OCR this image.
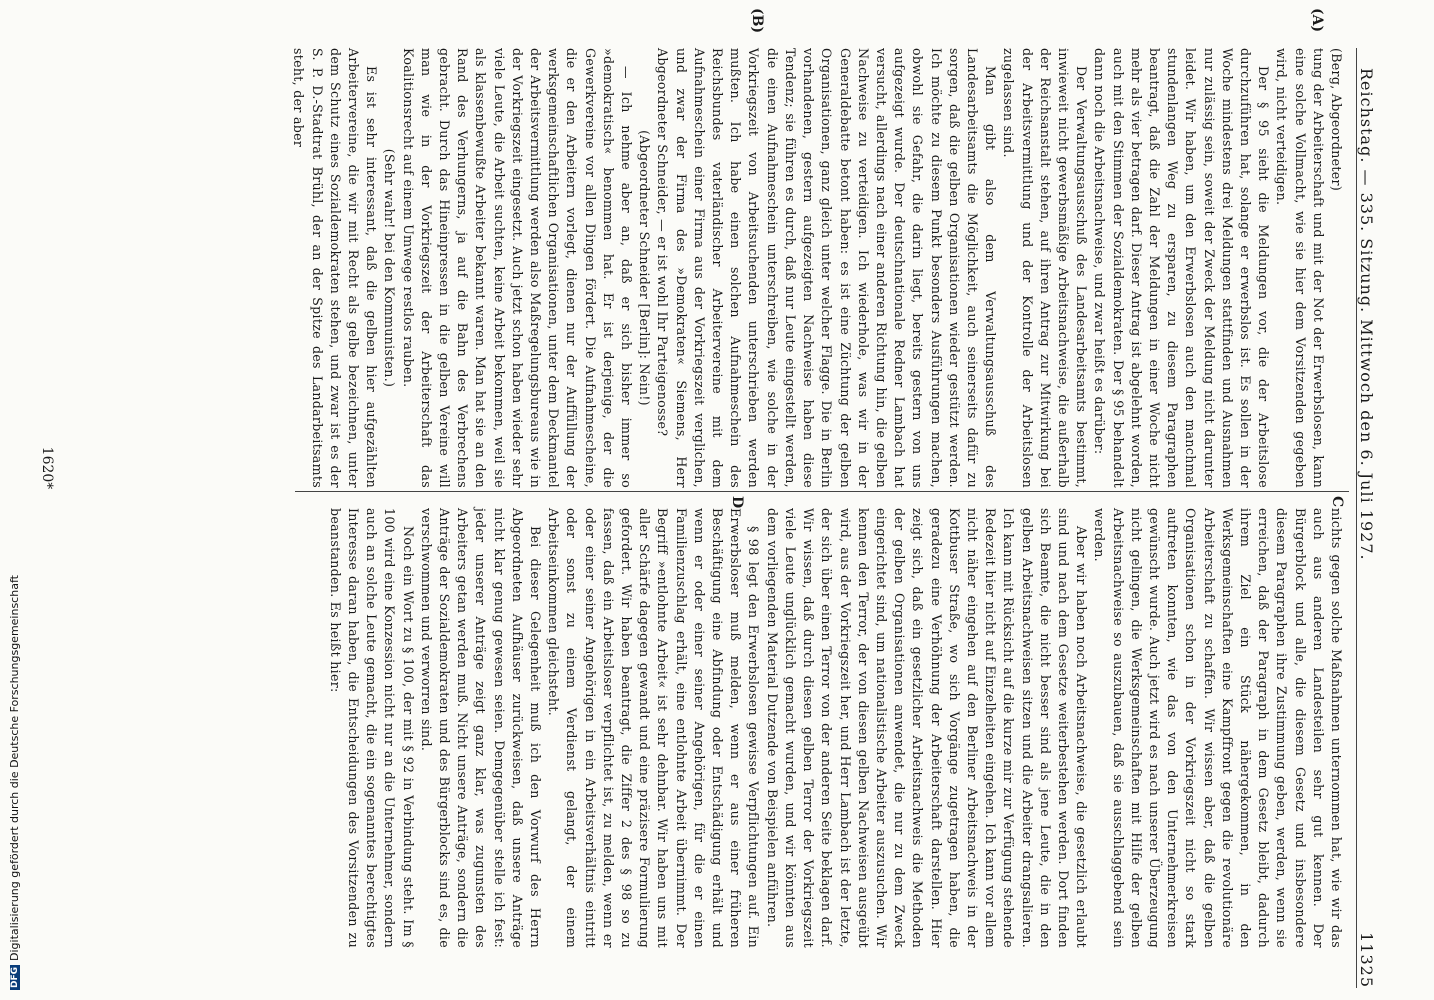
Reichstag. — 335. Sitzung. Mittwoch den 6. Juli 1927.
11325
(A)
(B)
C
D

(Berg, Abgeordneter)

tung der Arbeiterschaft und mit der Not der Erwerbslosen, kann eine solche Vollmacht, wie sie hier dem Vorsitzenden gegeben wird, nicht verteidigen.

Der § 95 sieht die Meldungen vor, die der Arbeitslose durchzuführen hat, solange er erwerbslos ist. Es sollen in der Woche mindestens drei Meldungen stattfinden und Ausnahmen nur zulässig sein, soweit der Zweck der Meldung nicht darunter leidet. Wir haben, um den Erwerbslosen auch den manchmal stundenlangen Weg zu ersparen, zu diesem Paragraphen beantragt, daß die Zahl der Meldungen in einer Woche nicht mehr als vier betragen darf. Dieser Antrag ist abgelehnt worden, auch mit den Stimmen der Sozialdemokraten. Der § 95 behandelt dann noch die Arbeitsnachweise, und zwar heißt es darüber:

Der Verwaltungsausschuß des Landesarbeitsamts bestimmt, inwieweit nicht gewerbsmäßige Arbeitsnachweise, die außerhalb der Reichsanstalt stehen, auf ihren Antrag zur Mitwirkung bei der Arbeitsvermittlung und der Kontrolle der Arbeitslosen zugelassen sind.

Man gibt also dem Verwaltungsausschuß des Landesarbeitsamts die Möglichkeit, auch seinerseits dafür zu sorgen, daß die gelben Organisationen wieder gestützt werden. Ich möchte zu diesem Punkt besonders Ausführungen machen, obwohl sie Gefahr, die darin liegt, bereits gestern von uns aufgezeigt wurde. Der deutschnationale Redner Lambach hat versucht, allerdings nach einer anderen Richtung hin, die gelben Nachweise zu verteidigen. Ich wiederhole, was wir in der Generaldebatte betont haben: es ist eine Züchtung der gelben Organisationen, ganz gleich unter welcher Flagge. Die in Berlin vorhandenen, gestern aufgezeigten Nachweise haben diese Tendenz; sie führen es durch, daß nur Leute eingestellt werden, die einen Aufnahmeschein unterschreiben, wie solche in der Vorkriegszeit von Arbeitsuchenden unterschrieben werden mußten. Ich habe einen solchen Aufnahmeschein des Reichsbundes vaterländischer Arbeitervereine mit dem Aufnahmeschein einer Firma aus der Vorkriegszeit verglichen, und zwar der Firma des »Demokraten« Siemens, Herr Abgeordneter Schneider, — er ist wohl Ihr Parteigenosse?

(Abgeordneter Schneider [Berlin]: Nein!)

— Ich nehme aber an, daß er sich bisher immer so »demokratisch« benommen hat. Er ist derjenige, der die Gewerkvereine vor allen Dingen fördert. Die Aufnahmescheine, die er den Arbeitern vorlegt, dienen nur der Auffüllung der werksgemeinschaftlichen Organisationen, unter dem Deckmantel der Arbeitsvermittlung werden also Maßregelungsbureaus wie in der Vorkriegszeit eingesetzt. Auch jetzt schon haben wieder sehr viele Leute, die Arbeit suchten, keine Arbeit bekommen, weil sie als klassenbewußte Arbeiter bekannt waren. Man hat sie an den Rand des Verhungerns, ja auf die Bahn des Verbrechens gebracht. Durch das Hineinpressen in die gelben Vereine will man wie in der Vorkriegszeit der Arbeiterschaft das Koalitionsrecht auf einem Umwege restlos rauben.

(Sehr wahr! bei den Kommunisten.)

Es ist sehr interessant, daß die gelben hier aufgezählten Arbeitervereine, die wir mit Recht als gelbe bezeichnen, unter dem Schutz eines Sozialdemokraten stehen, und zwar ist es der S. P. D.-Stadtrat Brühl, der an der Spitze des Landarbeitsamts steht, der aber

nichts gegen solche Maßnahmen unternommen hat, wie wir das auch aus anderen Landesteilen sehr gut kennen. Der Bürgerblock und alle, die diesem Gesetz und insbesondere diesem Paragraphen ihre Zustimmung geben, werden, wenn sie erreichen, daß der Paragraph in dem Gesetz bleibt, dadurch ihrem Ziel ein Stück nähergekommen, in den Werksgemeinschaften eine Kampffront gegen die revolutionäre Arbeiterschaft zu schaffen. Wir wissen aber, daß die gelben Organisationen schon in der Vorkriegszeit nicht so stark auftreten konnten, wie das von den Unternehmerkreisen gewünscht wurde. Auch jetzt wird es nach unserer Überzeugung nicht gelingen, die Werksgemeinschaften mit Hilfe der gelben Arbeitsnachweise so auszubauen, daß sie ausschlaggebend sein werden.

Aber wir haben noch Arbeitsnachweise, die gesetzlich erlaubt sind und nach dem Gesetze weiterbestehen werden. Dort finden sich Beamte, die nicht besser sind als jene Leute, die in den gelben Arbeitsnachweisen sitzen und die Arbeiter drangsalieren. Ich kann mit Rücksicht auf die kurze mir zur Verfügung stehende Redezeit hier nicht auf Einzelheiten eingehen. Ich kann vor allem nicht näher eingehen auf den Berliner Arbeitsnachweis in der Kottbuser Straße, wo sich Vorgänge zugetragen haben, die geradezu eine Verhöhnung der Arbeiterschaft darstellen. Hier zeigt sich, daß ein gesetzlicher Arbeitsnachweis die Methoden der gelben Organisationen anwendet, die nur zu dem Zweck eingerichtet sind, um nationalistische Arbeiter auszusuchen. Wir kennen den Terror, der von diesen gelben Nachweisen ausgeübt wird, aus der Vorkriegszeit her, und Herr Lambach ist der letzte, der sich über einen Terror von der anderen Seite beklagen darf. Wir wissen, daß durch diesen gelben Terror der Vorkriegszeit viele Leute unglücklich gemacht wurden, und wir könnten aus dem vorliegenden Material Dutzende von Beispielen anführen.

§ 98 legt den Erwerbslosen gewisse Verpflichtungen auf. Ein Erwerbsloser muß melden, wenn er aus einer früheren Beschäftigung eine Abfindung oder Entschädigung erhält und wenn er oder einer seiner Angehörigen, für die er einen Familienzuschlag erhält, eine entlohnte Arbeit übernimmt. Der Begriff »entlohnte Arbeit« ist sehr dehnbar. Wir haben uns mit aller Schärfe dagegen gewandt und eine präzisere Formulierung gefordert. Wir haben beantragt, die Ziffer 2 des § 98 so zu fassen, daß ein Arbeitsloser verpflichtet ist, zu melden, wenn er oder einer seiner Angehörigen in ein Arbeitsverhältnis eintritt oder sonst zu einem Verdienst gelangt, der einem Arbeitseinkommen gleichsteht.

Bei dieser Gelegenheit muß ich den Vorwurf des Herrn Abgeordneten Aufhäuser zurückweisen, daß unsere Anträge nicht klar genug gewesen seien. Demgegenüber stelle ich fest: jeder unserer Anträge zeigt ganz klar, was zugunsten des Arbeiters getan werden muß. Nicht unsere Anträge, sondern die Anträge der Sozialdemokraten und des Bürgerblocks sind es, die verschwommen und verworren sind.

Noch ein Wort zu § 100, der mit § 92 in Verbindung steht. Im § 100 wird eine Konzession nicht nur an die Unternehmer, sondern auch an solche Leute gemacht, die ein sogenanntes berechtigtes Interesse daran haben, die Entscheidungen des Vorsitzenden zu beanstanden. Es heißt hier:

1620*
DFG
Digitalisierung gefördert durch die Deutsche Forschungsgemeinschaft
